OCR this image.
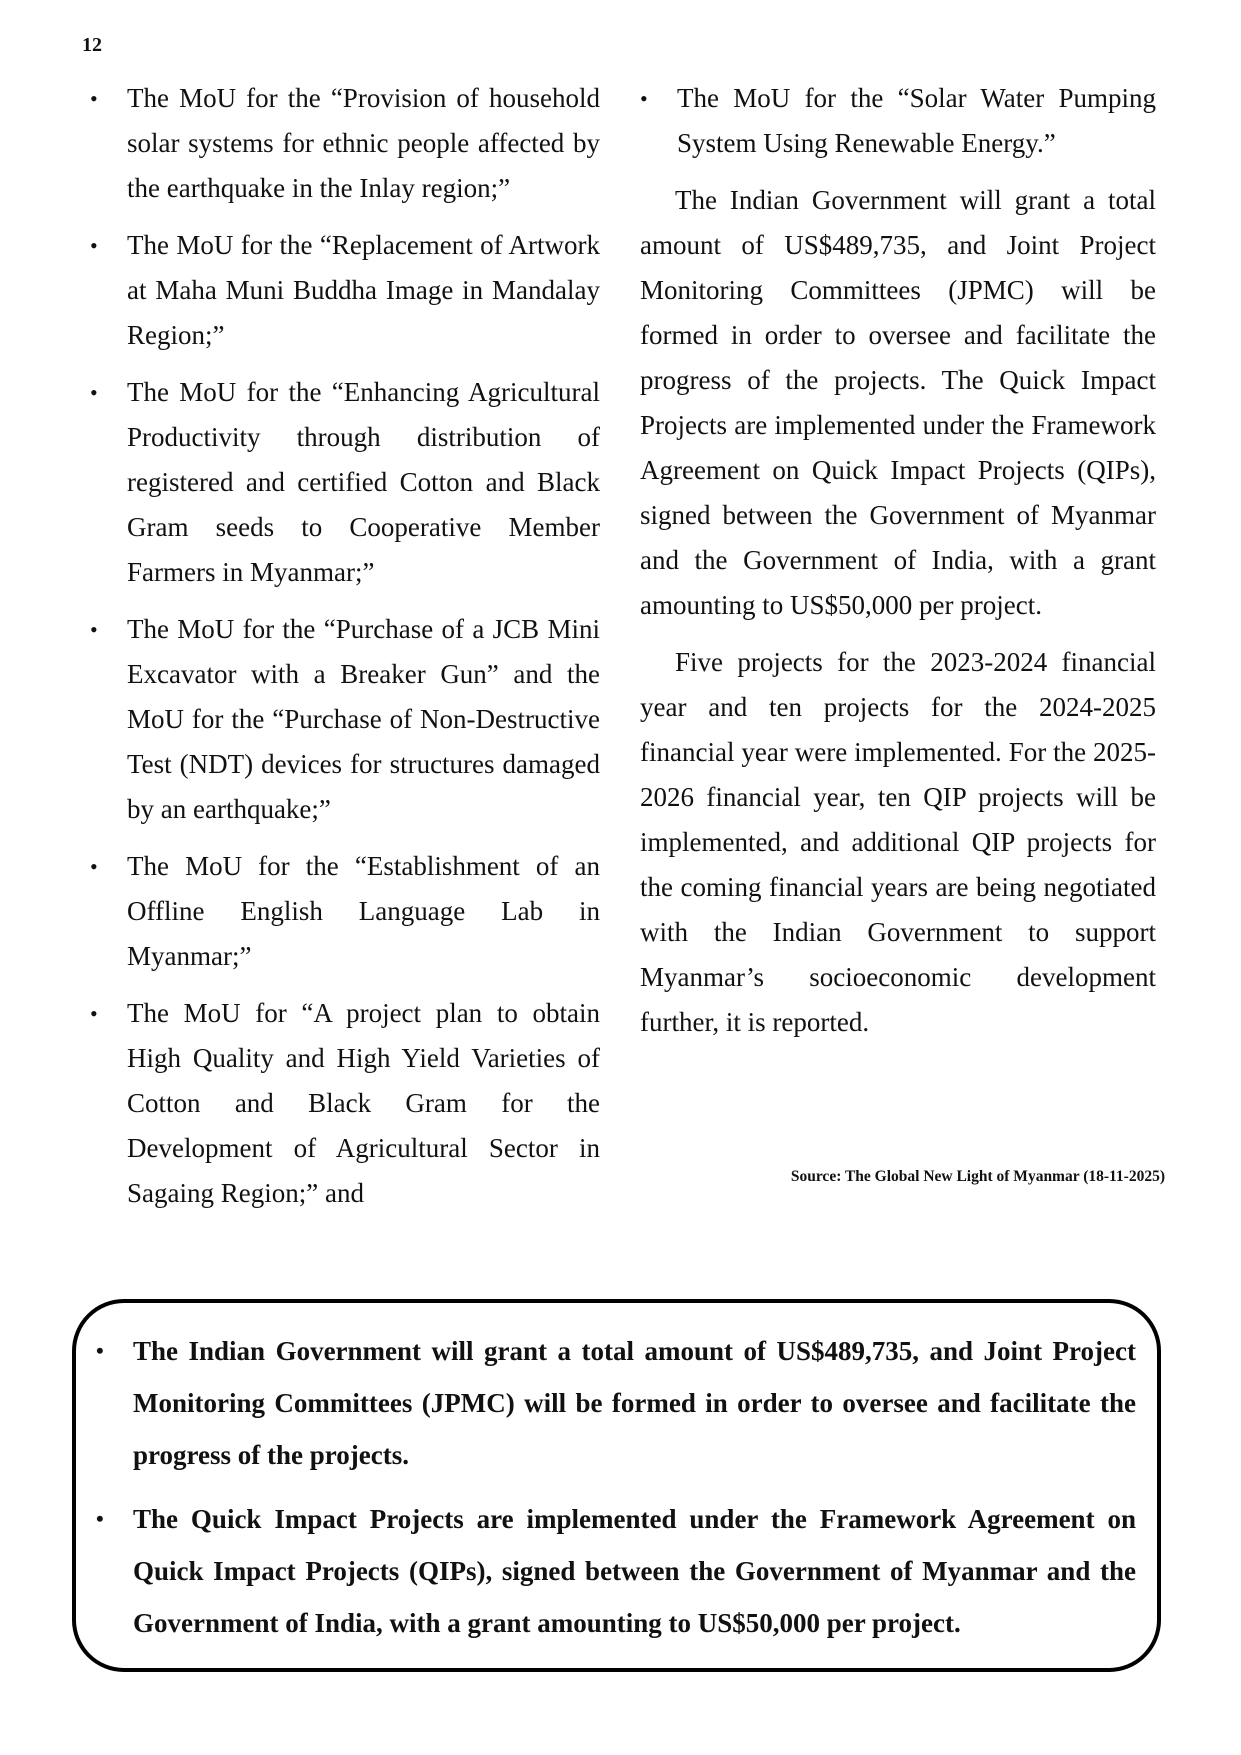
12
• The MoU for the “Provision of household solar systems for ethnic people affected by the earthquake in the Inlay region;”
• The MoU for the “Replacement of Artwork at Maha Muni Buddha Image in Mandalay Region;”
• The MoU for the “Enhancing Agricultural Productivity through distribution of registered and certified Cotton and Black Gram seeds to Cooperative Member Farmers in Myanmar;”
• The MoU for the “Purchase of a JCB Mini Excavator with a Breaker Gun” and the MoU for the “Purchase of Non-Destructive Test (NDT) devices for structures damaged by an earthquake;”
• The MoU for the “Establishment of an Offline English Language Lab in Myanmar;”
• The MoU for “A project plan to obtain High Quality and High Yield Varieties of Cotton and Black Gram for the Development of Agricultural Sector in Sagaing Region;” and
• The MoU for the “Solar Water Pumping System Using Renewable Energy.”

The Indian Government will grant a total amount of US$489,735, and Joint Project Monitoring Committees (JPMC) will be formed in order to oversee and facilitate the progress of the projects. The Quick Impact Projects are implemented under the Framework Agreement on Quick Impact Projects (QIPs), signed between the Government of Myanmar and the Government of India, with a grant amounting to US$50,000 per project.

Five projects for the 2023-2024 financial year and ten projects for the 2024-2025 financial year were implemented. For the 2025-2026 financial year, ten QIP projects will be implemented, and additional QIP projects for the coming financial years are being negotiated with the Indian Government to support Myanmar’s socioeconomic development further, it is reported.

Source: The Global New Light of Myanmar (18-11-2025)
• The Indian Government will grant a total amount of US$489,735, and Joint Project Monitoring Committees (JPMC) will be formed in order to oversee and facilitate the progress of the projects.
• The Quick Impact Projects are implemented under the Framework Agreement on Quick Impact Projects (QIPs), signed between the Government of Myanmar and the Government of India, with a grant amounting to US$50,000 per project.
